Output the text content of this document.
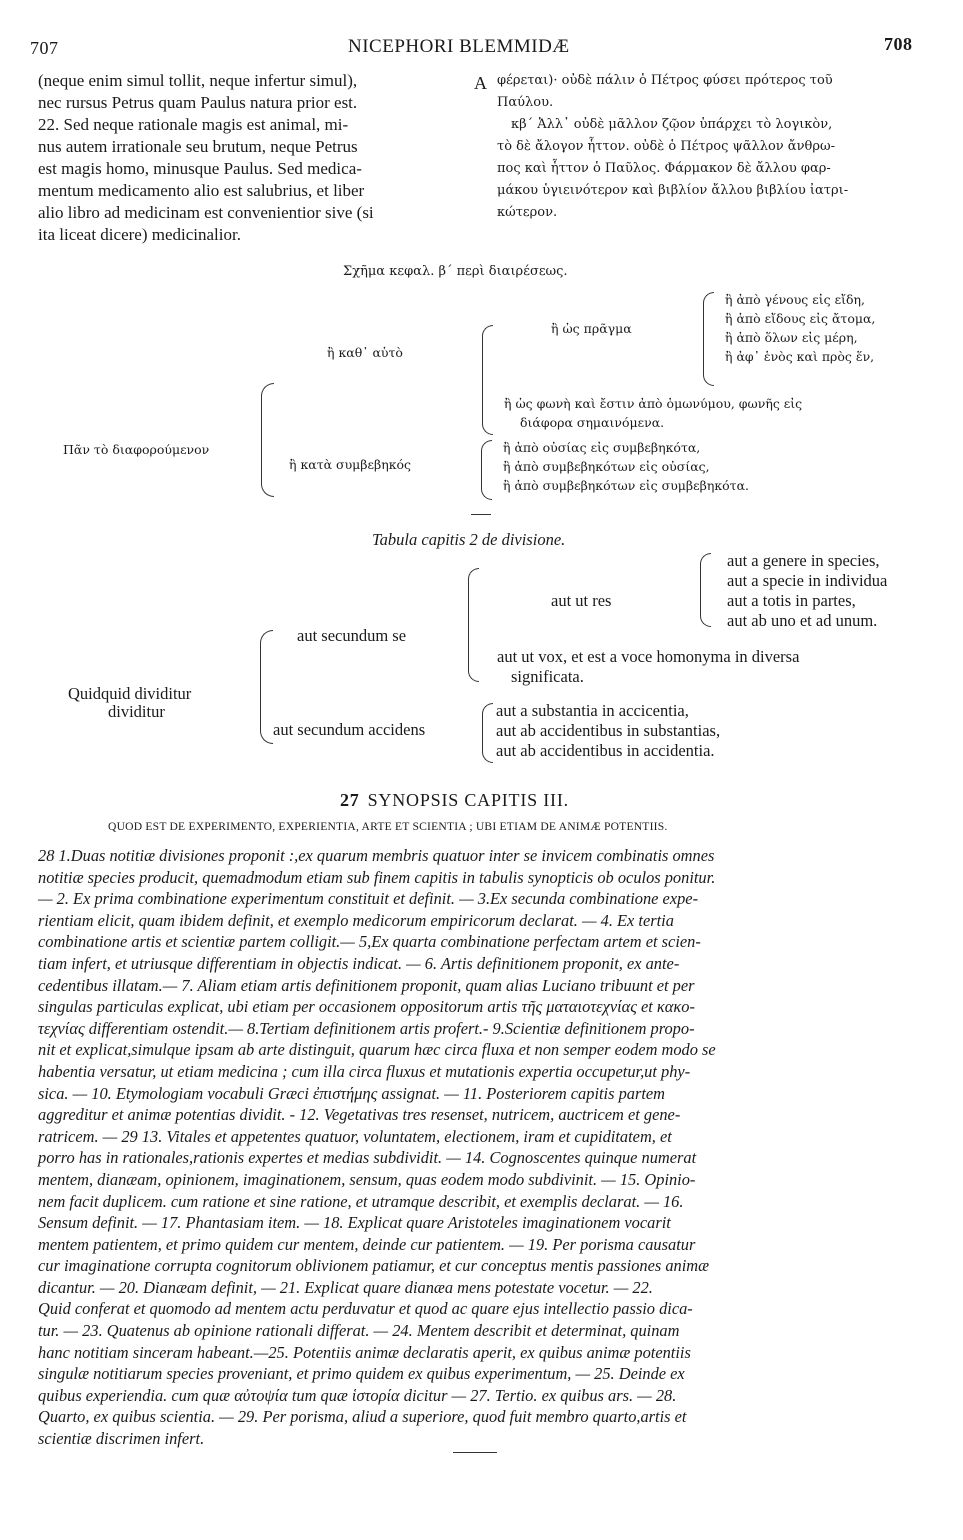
707	NICEPHORI BLEMMIDÆ	708
(neque enim simul tollit, neque infertur simul),
nec rursus Petrus quam Paulus natura prior est.
22. Sed neque rationale magis est animal, mi-
nus autem irrationale seu brutum, neque Petrus
est magis homo, minusque Paulus. Sed medica-
mentum medicamento alio est salubrius, et liber
alio libro ad medicinam est convenientior sive (si
ita liceat dicere) medicinalior.
A φέρεται)· οὐδὲ πάλιν ὁ Πέτρος φύσει πρότερος τοῦ
Παύλου.
κβ΄ Ἀλλ᾽ οὐδὲ μᾶλλον ζῷον ὑπάρχει τὸ λογικὸν,
τὸ δὲ ἄλογον ἧττον. οὐδὲ ὁ Πέτρος ψᾶλλον ἄνθρω-
πος καὶ ἧττον ὁ Παῦλος. Φάρμακον δὲ ἄλλου φαρ-
μάκου ὑγιεινότερον καὶ βιβλίον ἄλλου βιβλίου ἰατρι-
κώτερον.
Σχῆμα κεφαλ. β΄ περὶ διαιρέσεως.
ἢ ἀπὸ γένους εἰς εἴδη,
ἢ ἀπὸ εἴδους εἰς ἄτομα,
ἢ ἀπὸ ὅλων εἰς μέρη,
ἢ ἀφ᾽ ἑνὸς καὶ πρὸς ἕν,
ἢ ὡς πρᾶγμα
ἢ καθ᾽ αὑτὸ
ἢ ὡς φωνὴ καὶ ἔστιν ἀπὸ ὁμωνύμου, φωνῆς εἰς
διάφορα σημαινόμενα.
Πᾶν τὸ διαφορούμενον
ἢ κατὰ συμβεβηκός
ἢ ἀπὸ οὐσίας εἰς συμβεβηκότα,
ἢ ἀπὸ συμβεβηκότων εἰς οὐσίας,
ἢ ἀπὸ συμβεβηκότων εἰς συμβεβηκότα.
Tabula capitis 2 de divisione.
aut a genere in species,
aut a specie in individua
aut a totis in partes,
aut ab uno et ad unum.
aut ut res
aut secundum se
aut ut vox, et est a voce homonyma in diversa
significata.
Quidquid dividitur
dividitur
aut secundum accidens
aut a substantia in accicentia,
aut ab accidentibus in substantias,
aut ab accidentibus in accidentia.
27 SYNOPSIS CAPITIS III.
QUOD EST DE EXPERIMENTO, EXPERIENTIA, ARTE ET SCIENTIA ; UBI ETIAM DE ANIMÆ POTENTIIS.
28 1.Duas notitiæ divisiones proponit :,ex quarum membris quatuor inter se invicem combinatis omnes
notitiæ species producit, quemadmodum etiam sub finem capitis in tabulis synopticis ob oculos ponitur.
— 2. Ex prima combinatione experimentum constituit et definit. — 3.Ex secunda combinatione expe-
rientiam elicit, quam ibidem definit, et exemplo medicorum empiricorum declarat. — 4. Ex tertia
combinatione artis et scientiæ partem colligit.— 5,Ex quarta combinatione perfectam artem et scien-
tiam infert, et utriusque differentiam in objectis indicat. — 6. Artis definitionem proponit, ex ante-
cedentibus illatam.— 7. Aliam etiam artis definitionem proponit, quam alias Luciano tribuunt et per
singulas particulas explicat, ubi etiam per occasionem oppositorum artis τῆς ματαιοτεχνίας et κακο-
τεχνίας differentiam ostendit.— 8.Tertiam definitionem artis profert.- 9.Scientiæ definitionem propo-
nit et explicat,simulque ipsam ab arte distinguit, quarum hæc circa fluxa et non semper eodem modo se
habentia versatur, ut etiam medicina ; cum illa circa fluxus et mutationis expertia occupetur,ut phy-
sica. — 10. Etymologiam vocabuli Græci ἐπιστήμης assignat. — 11. Posteriorem capitis partem
aggreditur et animæ potentias dividit. - 12. Vegetativas tres resenset, nutricem, auctricem et gene-
ratricem. — 29 13. Vitales et appetentes quatuor, voluntatem, electionem, iram et cupiditatem, et
porro has in rationales,rationis expertes et medias subdividit. — 14. Cognoscentes quinque numerat
mentem, dianæam, opinionem, imaginationem, sensum, quas eodem modo subdivinit. — 15. Opinio-
nem facit duplicem. cum ratione et sine ratione, et utramque describit, et exemplis declarat. — 16.
Sensum definit. — 17. Phantasiam item. — 18. Explicat quare Aristoteles imaginationem vocarit
mentem patientem, et primo quidem cur mentem, deinde cur patientem. — 19. Per porisma causatur
cur imaginatione corrupta cognitorum oblivionem patiamur, et cur conceptus mentis passiones animæ
dicantur. — 20. Dianæam definit, — 21. Explicat quare dianæa mens potestate vocetur. — 22.
Quid conferat et quomodo ad mentem actu perduvatur et quod ac quare ejus intellectio passio dica-
tur. — 23. Quatenus ab opinione rationali differat. — 24. Mentem describit et determinat, quinam
hanc notitiam sinceram habeant.—25. Potentiis animæ declaratis aperit, ex quibus animæ potentiis
singulæ notitiarum species proveniant, et primo quidem ex quibus experimentum, — 25. Deinde ex
quibus experiendia. cum quæ αὐτοψία tum quæ ἱστορία dicitur — 27. Tertio. ex quibus ars. — 28.
Quarto, ex quibus scientia. — 29. Per porisma, aliud a superiore, quod fuit membro quarto,artis et
scientiæ discrimen infert.
